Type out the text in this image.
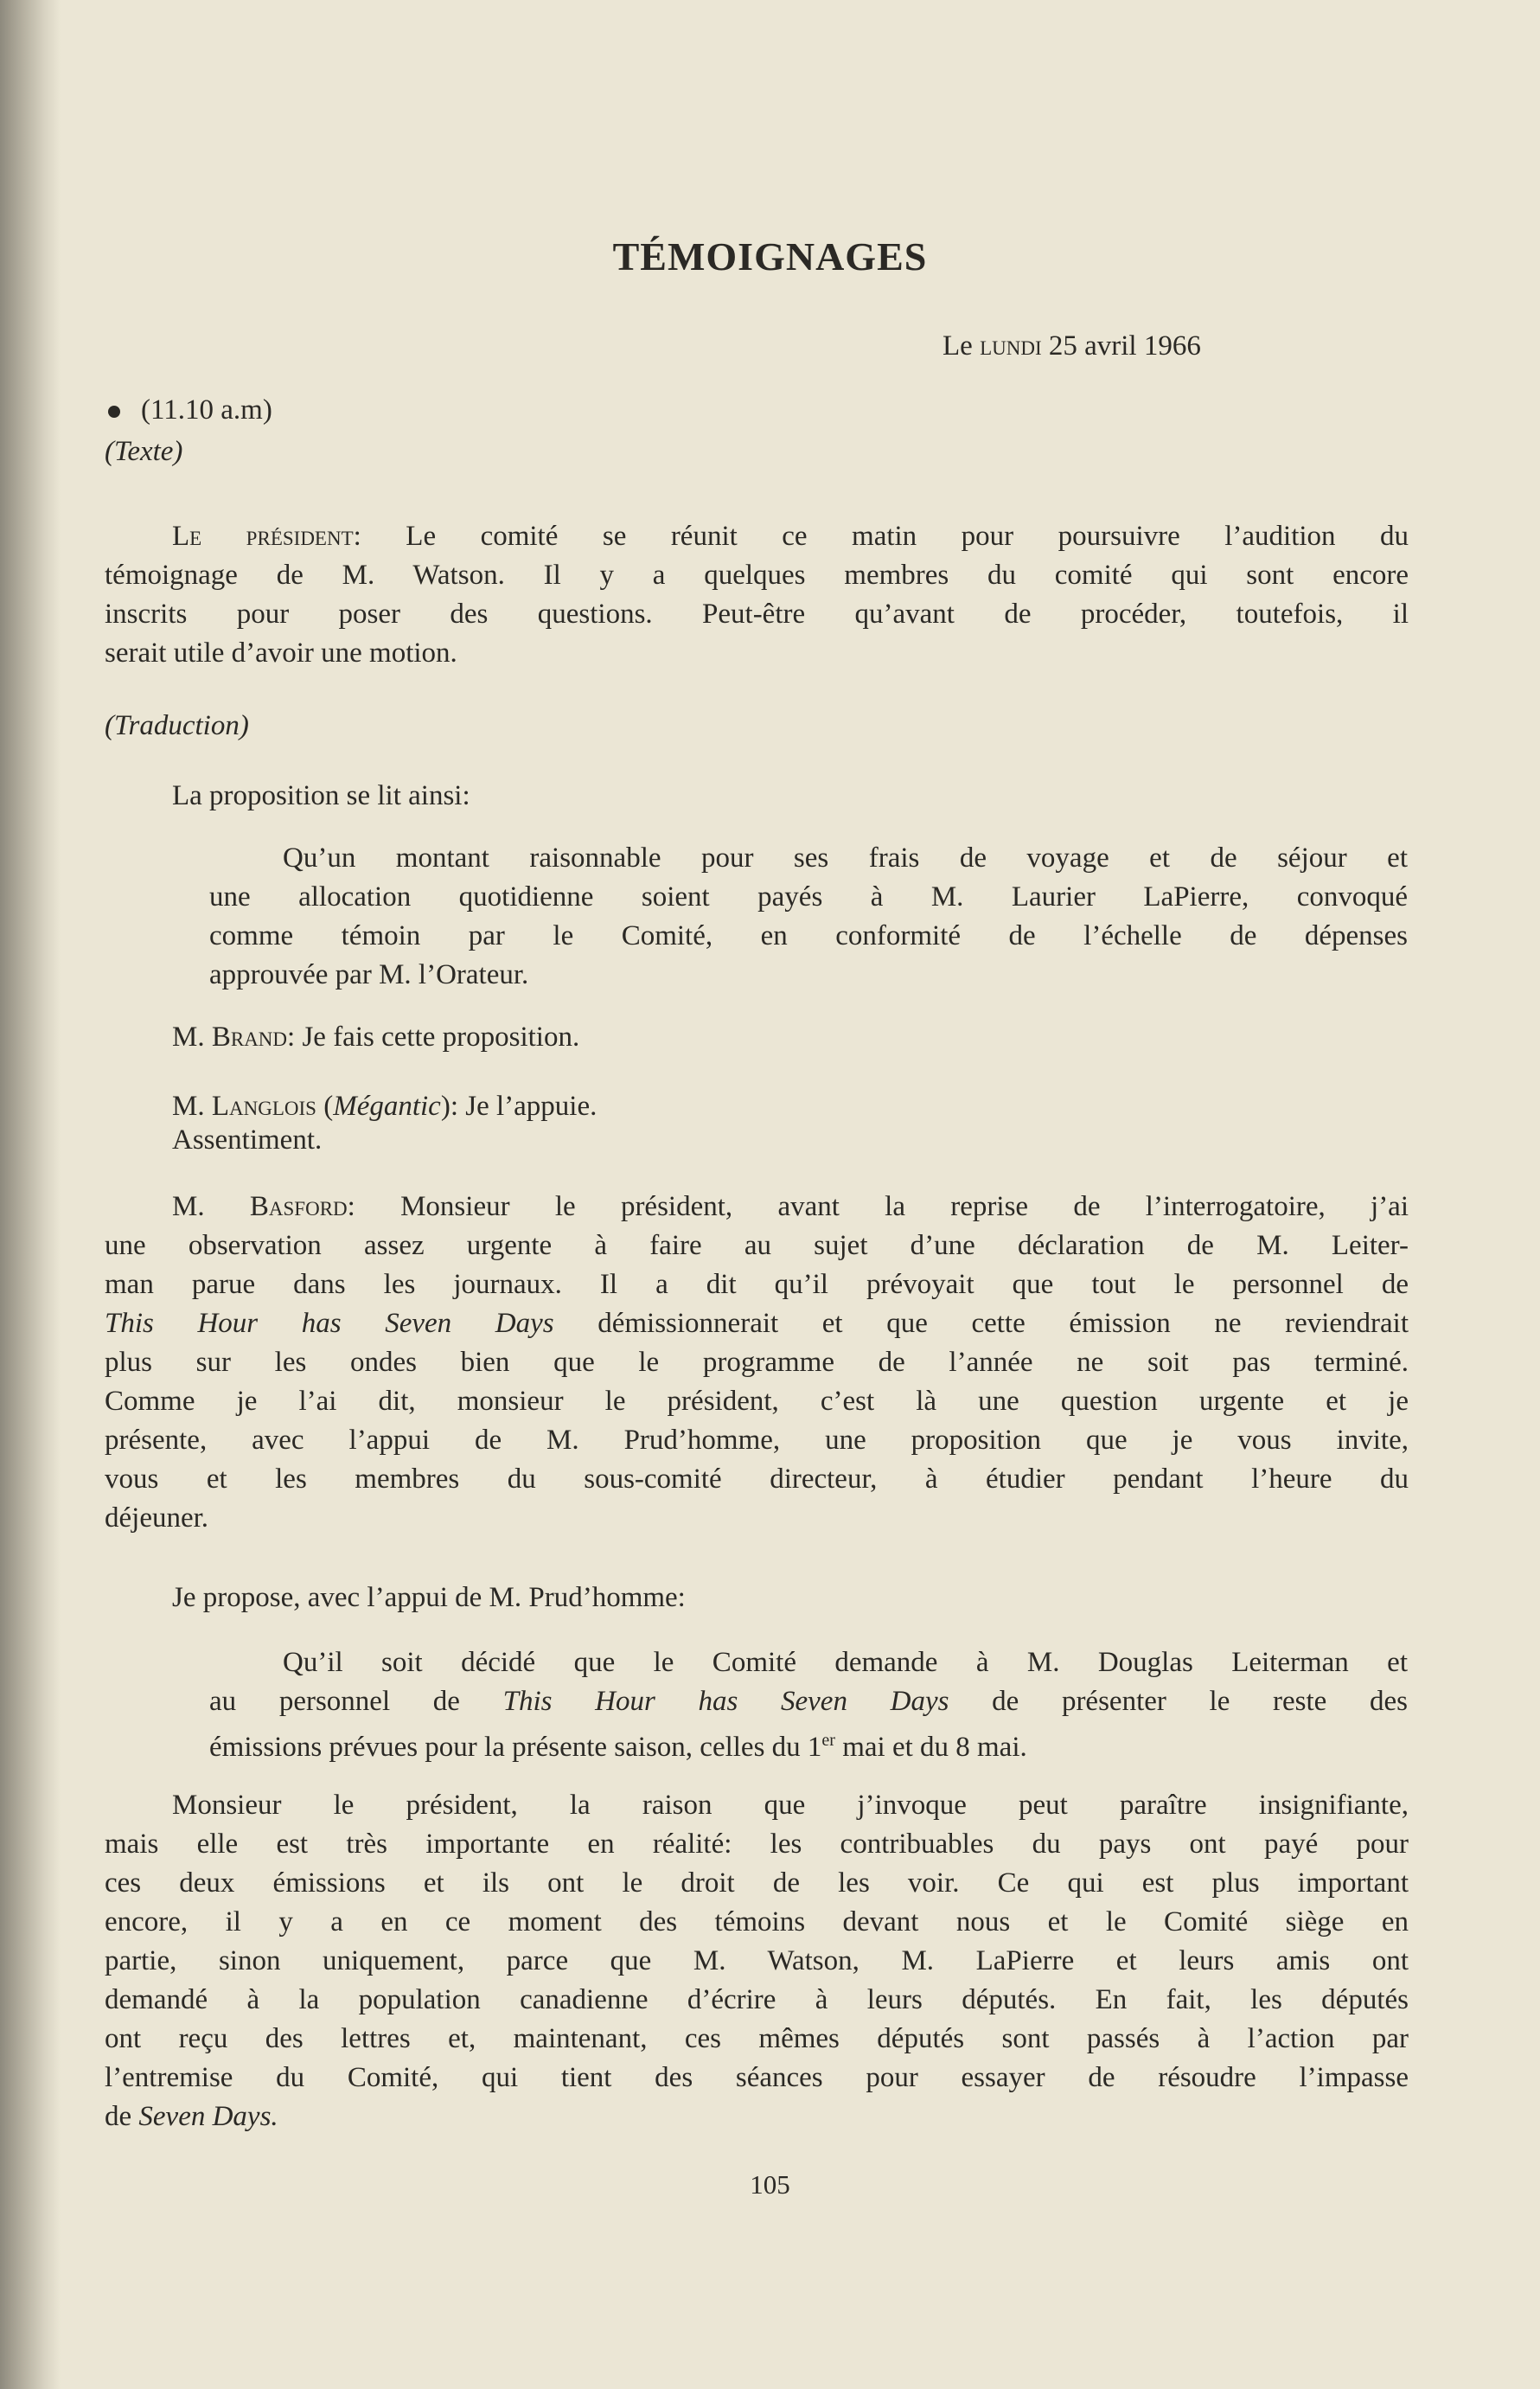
TÉMOIGNAGES
Le lundi 25 avril 1966
(11.10 a.m)
(Texte)
Le président: Le comité se réunit ce matin pour poursuivre l’audition du
témoignage de M. Watson. Il y a quelques membres du comité qui sont encore
inscrits pour poser des questions. Peut-être qu’avant de procéder, toutefois, il
serait utile d’avoir une motion.
(Traduction)
La proposition se lit ainsi:
Qu’un montant raisonnable pour ses frais de voyage et de séjour et
une allocation quotidienne soient payés à M. Laurier LaPierre, convoqué
comme témoin par le Comité, en conformité de l’échelle de dépenses
approuvée par M. l’Orateur.
M. Brand: Je fais cette proposition.
M. Langlois (Mégantic): Je l’appuie.
Assentiment.
M. Basford: Monsieur le président, avant la reprise de l’interrogatoire, j’ai
une observation assez urgente à faire au sujet d’une déclaration de M. Leiter-
man parue dans les journaux. Il a dit qu’il prévoyait que tout le personnel de
This Hour has Seven Days démissionnerait et que cette émission ne reviendrait
plus sur les ondes bien que le programme de l’année ne soit pas terminé.
Comme je l’ai dit, monsieur le président, c’est là une question urgente et je
présente, avec l’appui de M. Prud’homme, une proposition que je vous invite,
vous et les membres du sous-comité directeur, à étudier pendant l’heure du
déjeuner.
Je propose, avec l’appui de M. Prud’homme:
Qu’il soit décidé que le Comité demande à M. Douglas Leiterman et
au personnel de This Hour has Seven Days de présenter le reste des
émissions prévues pour la présente saison, celles du 1er mai et du 8 mai.
Monsieur le président, la raison que j’invoque peut paraître insignifiante,
mais elle est très importante en réalité: les contribuables du pays ont payé pour
ces deux émissions et ils ont le droit de les voir. Ce qui est plus important
encore, il y a en ce moment des témoins devant nous et le Comité siège en
partie, sinon uniquement, parce que M. Watson, M. LaPierre et leurs amis ont
demandé à la population canadienne d’écrire à leurs députés. En fait, les députés
ont reçu des lettres et, maintenant, ces mêmes députés sont passés à l’action par
l’entremise du Comité, qui tient des séances pour essayer de résoudre l’impasse
de Seven Days.
105
